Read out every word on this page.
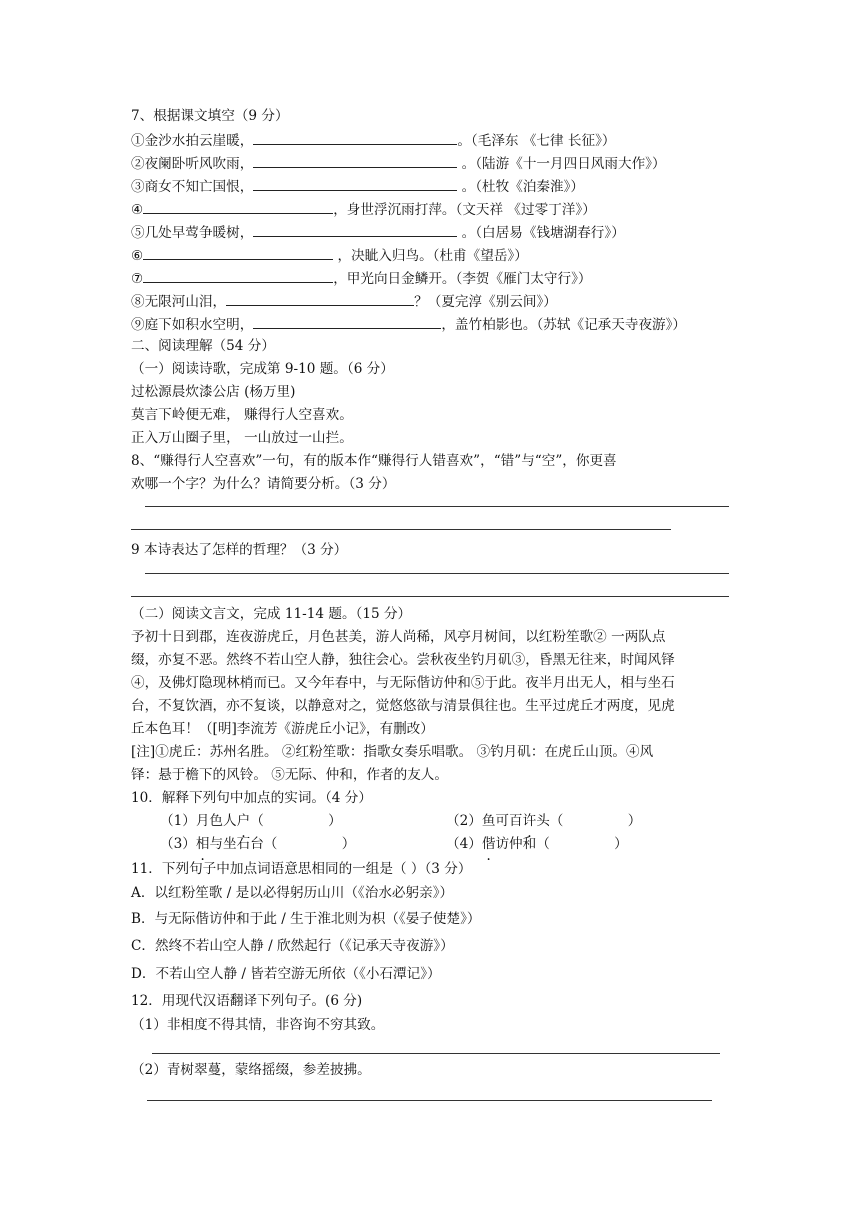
7、根据课文填空（9 分）
①金沙水拍云崖暖，	。（毛泽东 《七律 长征》）
②夜阑卧听风吹雨，	。（陆游《十一月四日风雨大作》）
③商女不知亡国恨，	。（杜牧《泊秦淮》）
④	，身世浮沉雨打萍。（文天祥 《过零丁洋》）
⑤几处早莺争暖树，	。（白居易《钱塘湖春行》）
⑥	，决眦入归鸟。（杜甫《望岳》）
⑦	，甲光向日金鳞开。（李贺《雁门太守行》）
⑧无限河山泪，	？（夏完淳《别云间》）
⑨庭下如积水空明，	，盖竹柏影也。（苏轼《记承天寺夜游》）
二、阅读理解（54 分）
（一）阅读诗歌，完成第 9-10 题。（6 分）
过松源晨炊漆公店 (杨万里)
莫言下岭便无难， 赚得行人空喜欢。
正入万山圈子里， 一山放过一山拦。
8、“赚得行人空喜欢”一句，有的版本作“赚得行人错喜欢”，“错”与“空”，你更喜
欢哪一个字？为什么？请简要分析。（3 分）
9 本诗表达了怎样的哲理？（3 分）
（二）阅读文言文，完成 11-14 题。（15 分）
予初十日到郡，连夜游虎丘，月色甚美，游人尚稀，风亭月树间，以红粉笙歌② 一两队点
缀，亦复不恶。然终不若山空人静，独往会心。尝秋夜坐钓月矶③，昏黑无往来，时闻风铎
④，及佛灯隐现林梢而已。又今年春中，与无际偕访仲和⑤于此。夜半月出无人，相与坐石
台，不复饮酒，亦不复谈，以静意对之，觉悠悠欲与清景俱往也。生平过虎丘才两度，见虎
丘本色耳！（[明]李流芳《游虎丘小记》，有删改）
[注]①虎丘：苏州名胜。 ②红粉笙歌：指歌女奏乐唱歌。 ③钓月矶：在虎丘山顶。④风
铎：悬于檐下的风铃。 ⑤无际、仲和，作者的友人。
10．解释下列句中加点的实词。（4 分）
（1）月色人户（ ）	（2）鱼可百许头（ ）
（3）相与坐石台（ ）	（4）偕访仲和（ ）
11．下列句子中加点词语意思相同的一组是（ ）（3 分）
A．以红粉笙歌 / 是以必得躬历山川（《治水必躬亲》）
B．与无际偕访仲和于此 / 生于淮北则为枳（《晏子使楚》）
C．然终不若山空人静 / 欣然起行（《记承天寺夜游》）
D．不若山空人静 / 皆若空游无所依（《小石潭记》）
12．用现代汉语翻译下列句子。(6 分)
（1）非相度不得其情，非咨询不穷其致。
（2）青树翠蔓，蒙络摇缀，参差披拂。
